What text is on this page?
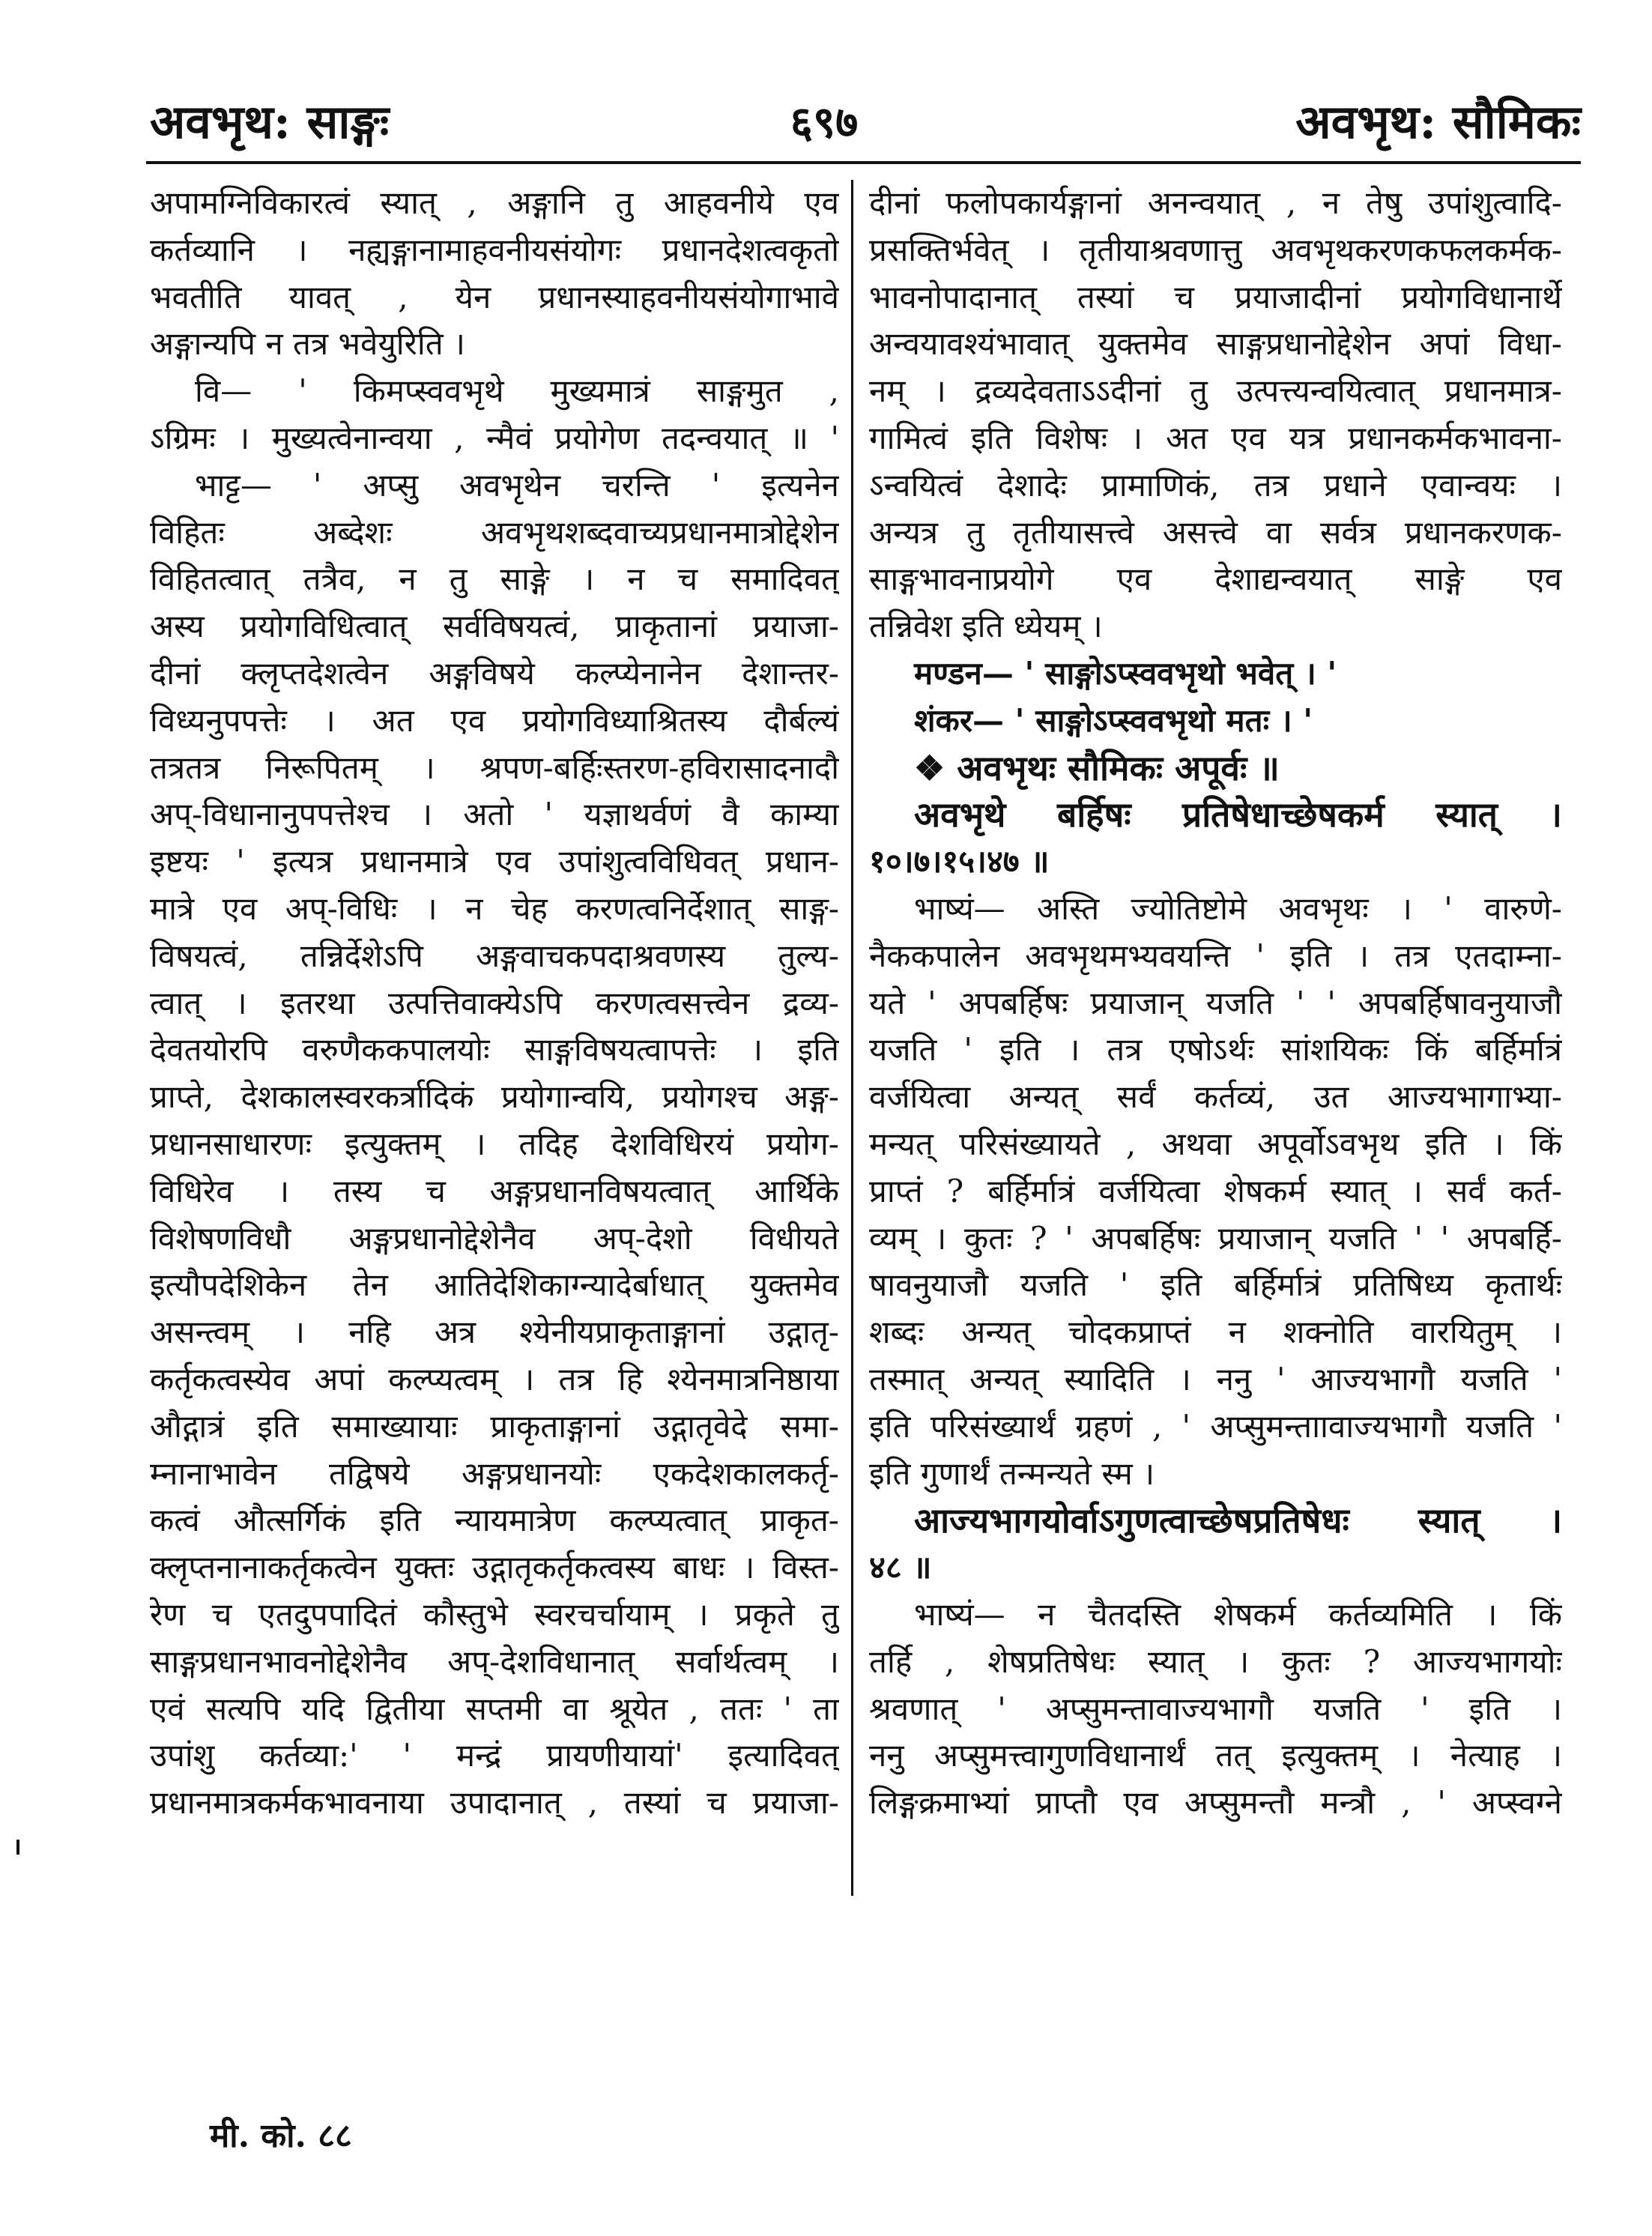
अवभृथ: साङ्गः	६९७	अवभृथ: सौमिकः
अपामग्निविकारत्वं स्यात् , अङ्गानि तु आहवनीये एव
कर्तव्यानि । नह्यङ्गानामाहवनीयसंयोगः प्रधानदेशत्वकृतो
भवतीति यावत् , येन प्रधानस्याहवनीयसंयोगाभावे
अङ्गान्यपि न तत्र भवेयुरिति ।
वि— ' किमप्स्ववभृथे मुख्यमात्रं साङ्गमुत ,
ऽग्रिमः । मुख्यत्वेनान्वया , न्मैवं प्रयोगेण तदन्वयात् ॥ '
भाट्ट— ' अप्सु अवभृथेन चरन्ति ' इत्यनेन
विहितः अब्देशः अवभृथशब्दवाच्यप्रधानमात्रोद्देशेन
विहितत्वात् तत्रैव, न तु साङ्गे । न च समादिवत्
अस्य प्रयोगविधित्वात् सर्वविषयत्वं, प्राकृतानां प्रयाजा-
दीनां क्लृप्तदेशत्वेन अङ्गविषये कल्प्येनानेन देशान्तर-
विध्यनुपपत्तेः । अत एव प्रयोगविध्याश्रितस्य दौर्बल्यं
तत्रतत्र निरूपितम् । श्रपण-बर्हिःस्तरण-हविरासादनादौ
अप्-विधानानुपपत्तेश्च । अतो ' यज्ञाथर्वणं वै काम्या
इष्टयः ' इत्यत्र प्रधानमात्रे एव उपांशुत्वविधिवत् प्रधान-
मात्रे एव अप्-विधिः । न चेह करणत्वनिर्देशात् साङ्ग-
विषयत्वं, तन्निर्देशेऽपि अङ्गवाचकपदाश्रवणस्य तुल्य-
त्वात् । इतरथा उत्पत्तिवाक्येऽपि करणत्वसत्त्वेन द्रव्य-
देवतयोरपि वरुणैककपालयोः साङ्गविषयत्वापत्तेः । इति
प्राप्ते, देशकालस्वरकर्त्रादिकं प्रयोगान्वयि, प्रयोगश्च अङ्ग-
प्रधानसाधारणः इत्युक्तम् । तदिह देशविधिरयं प्रयोग-
विधिरेव । तस्य च अङ्गप्रधानविषयत्वात् आर्थिके
विशेषणविधौ अङ्गप्रधानोद्देशेनैव अप्-देशो विधीयते
इत्यौपदेशिकेन तेन आतिदेशिकाग्न्यादेर्बाधात् युक्तमेव
असन्त्वम् । नहि अत्र श्येनीयप्राकृताङ्गानां उद्गातृ-
कर्तृकत्वस्येव अपां कल्प्यत्वम् । तत्र हि श्येनमात्रनिष्ठाया
औद्गात्रं इति समाख्यायाः प्राकृताङ्गानां उद्गातृवेदे समा-
म्नानाभावेन तद्विषये अङ्गप्रधानयोः एकदेशकालकर्तृ-
कत्वं औत्सर्गिकं इति न्यायमात्रेण कल्प्यत्वात् प्राकृत-
क्लृप्तनानाकर्तृकत्वेन युक्तः उद्गातृकर्तृकत्वस्य बाधः । विस्त-
रेण च एतदुपपादितं कौस्तुभे स्वरचर्चायाम् । प्रकृते तु
साङ्गप्रधानभावनोद्देशेनैव अप्-देशविधानात् सर्वार्थत्वम् ।
एवं सत्यपि यदि द्वितीया सप्तमी वा श्रूयेत , ततः ' ता
उपांशु कर्तव्या:' ' मन्द्रं प्रायणीयायां' इत्यादिवत्
प्रधानमात्रकर्मकभावनाया उपादानात् , तस्यां च प्रयाजा-
दीनां फलोपकार्यङ्गानां अनन्वयात् , न तेषु उपांशुत्वादि-
प्रसक्तिर्भवेत् । तृतीयाश्रवणात्तु अवभृथकरणकफलकर्मक-
भावनोपादानात् तस्यां च प्रयाजादीनां प्रयोगविधानार्थे
अन्वयावश्यंभावात् युक्तमेव साङ्गप्रधानोद्देशेन अपां विधा-
नम् । द्रव्यदेवताऽऽदीनां तु उत्पत्त्यन्वयित्वात् प्रधानमात्र-
गामित्वं इति विशेषः । अत एव यत्र प्रधानकर्मकभावना-
ऽन्वयित्वं देशादेः प्रामाणिकं, तत्र प्रधाने एवान्वयः ।
अन्यत्र तु तृतीयासत्त्वे असत्त्वे वा सर्वत्र प्रधानकरणक-
साङ्गभावनाप्रयोगे एव देशाद्यन्वयात् साङ्गे एव
तन्निवेश इति ध्येयम् ।
मण्डन— ' साङ्गोऽप्स्ववभृथो भवेत् । '
शंकर— ' साङ्गोऽप्स्ववभृथो मतः । '
❖ अवभृथः सौमिकः अपूर्वः ॥
अवभृथे बर्हिषः प्रतिषेधाच्छेषकर्म स्यात् ।
१०।७।१५।४७ ॥
भाष्यं— अस्ति ज्योतिष्टोमे अवभृथः । ' वारुणे-
नैककपालेन अवभृथमभ्यवयन्ति ' इति । तत्र एतदाम्ना-
यते ' अपबर्हिषः प्रयाजान् यजति ' ' अपबर्हिषावनुयाजौ
यजति ' इति । तत्र एषोऽर्थः सांशयिकः किं बर्हिर्मात्रं
वर्जयित्वा अन्यत् सर्वं कर्तव्यं, उत आज्यभागाभ्या-
मन्यत् परिसंख्यायते , अथवा अपूर्वोऽवभृथ इति । किं
प्राप्तं ? बर्हिर्मात्रं वर्जयित्वा शेषकर्म स्यात् । सर्वं कर्त-
व्यम् । कुतः ? ' अपबर्हिषः प्रयाजान् यजति ' ' अपबर्हि-
षावनुयाजौ यजति ' इति बर्हिर्मात्रं प्रतिषिध्य कृतार्थः
शब्दः अन्यत् चोदकप्राप्तं न शक्नोति वारयितुम् ।
तस्मात् अन्यत् स्यादिति । ननु ' आज्यभागौ यजति '
इति परिसंख्यार्थं ग्रहणं , ' अप्सुमन्ताावाज्यभागौ यजति '
इति गुणार्थं तन्मन्यते स्म ।
आज्यभागयोर्वाऽगुणत्वाच्छेषप्रतिषेधः स्यात् ।
४८ ॥
भाष्यं— न चैतदस्ति शेषकर्म कर्तव्यमिति । किं
तर्हि , शेषप्रतिषेधः स्यात् । कुतः ? आज्यभागयोः
श्रवणात् ' अप्सुमन्तावाज्यभागौ यजति ' इति ।
ननु अप्सुमत्त्वागुणविधानार्थं तत् इत्युक्तम् । नेत्याह ।
लिङ्गक्रमाभ्यां प्राप्तौ एव अप्सुमन्तौ मन्त्रौ , ' अप्स्वग्ने
मी. को. ८८
